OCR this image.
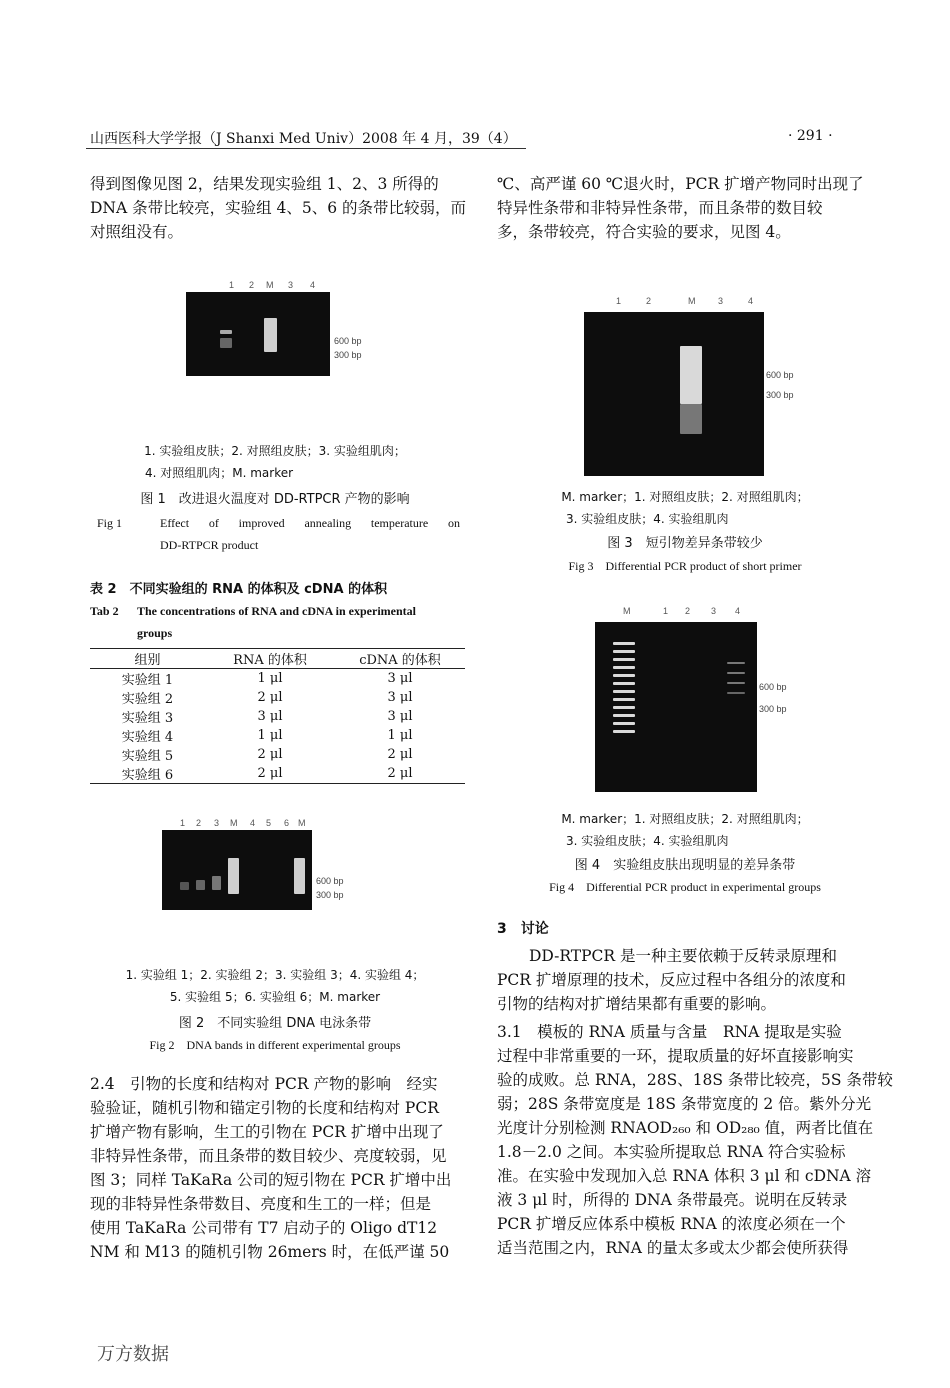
山西医科大学学报（J Shanxi Med Univ）2008 年 4 月，39（4）	· 291 ·
得到图像见图 2，结果发现实验组 1、2、3 所得的
DNA 条带比较亮，实验组 4、5、6 的条带比较弱，而
对照组没有。
1 2 M 3 4
600 bp
300 bp
1. 实验组皮肤；2. 对照组皮肤；3. 实验组肌肉；
4. 对照组肌肉；M. marker
图 1　改进退火温度对 DD-RTPCR 产物的影响
Fig 1	Effect of improved annealing temperature on
DD-RTPCR product
表 2　不同实验组的 RNA 的体积及 cDNA 的体积
Tab 2 The concentrations of RNA and cDNA in experimental
groups
组别	RNA 的体积	cDNA 的体积
实验组 1	1 μl	3 μl
实验组 2	2 μl	3 μl
实验组 3	3 μl	3 μl
实验组 4	1 μl	1 μl
实验组 5	2 μl	2 μl
实验组 6	2 μl	2 μl
1 2 3 M 4 5 6 M
600 bp
300 bp
1. 实验组 1；2. 实验组 2；3. 实验组 3；4. 实验组 4；
5. 实验组 5；6. 实验组 6；M. marker
图 2　不同实验组 DNA 电泳条带
Fig 2　DNA bands in different experimental groups
2.4　引物的长度和结构对 PCR 产物的影响　经实
验验证，随机引物和锚定引物的长度和结构对 PCR
扩增产物有影响，生工的引物在 PCR 扩增中出现了
非特异性条带，而且条带的数目较少、亮度较弱，见
图 3；同样 TaKaRa 公司的短引物在 PCR 扩增中出
现的非特异性条带数目、亮度和生工的一样；但是
使用 TaKaRa 公司带有 T7 启动子的 Oligo dT12
NM 和 M13 的随机引物 26mers 时，在低严谨 50
℃、高严谨 60 ℃退火时，PCR 扩增产物同时出现了
特异性条带和非特异性条带，而且条带的数目较
多，条带较亮，符合实验的要求，见图 4。
1	2	M	3	4
600 bp
300 bp
M. marker；1. 对照组皮肤；2. 对照组肌肉；
3. 实验组皮肤；4. 实验组肌肉
图 3　短引物差异条带较少
Fig 3　Differential PCR product of short primer
M	1 2 3 4
600 bp
300 bp
M. marker；1. 对照组皮肤；2. 对照组肌肉；
3. 实验组皮肤；4. 实验组肌肉
图 4　实验组皮肤出现明显的差异条带
Fig 4　Differential PCR product in experimental groups
3　讨论
DD-RTPCR 是一种主要依赖于反转录原理和
PCR 扩增原理的技术，反应过程中各组分的浓度和
引物的结构对扩增结果都有重要的影响。
3.1　模板的 RNA 质量与含量　RNA 提取是实验
过程中非常重要的一环，提取质量的好坏直接影响实
验的成败。总 RNA，28S、18S 条带比较亮，5S 条带较
弱；28S 条带宽度是 18S 条带宽度的 2 倍。紫外分光
光度计分别检测 RNAOD₂₆₀ 和 OD₂₈₀ 值，两者比值在
1.8－2.0 之间。本实验所提取总 RNA 符合实验标
准。在实验中发现加入总 RNA 体积 3 μl 和 cDNA 溶
液 3 μl 时，所得的 DNA 条带最亮。说明在反转录
PCR 扩增反应体系中模板 RNA 的浓度必须在一个
适当范围之内，RNA 的量太多或太少都会使所获得
万方数据
